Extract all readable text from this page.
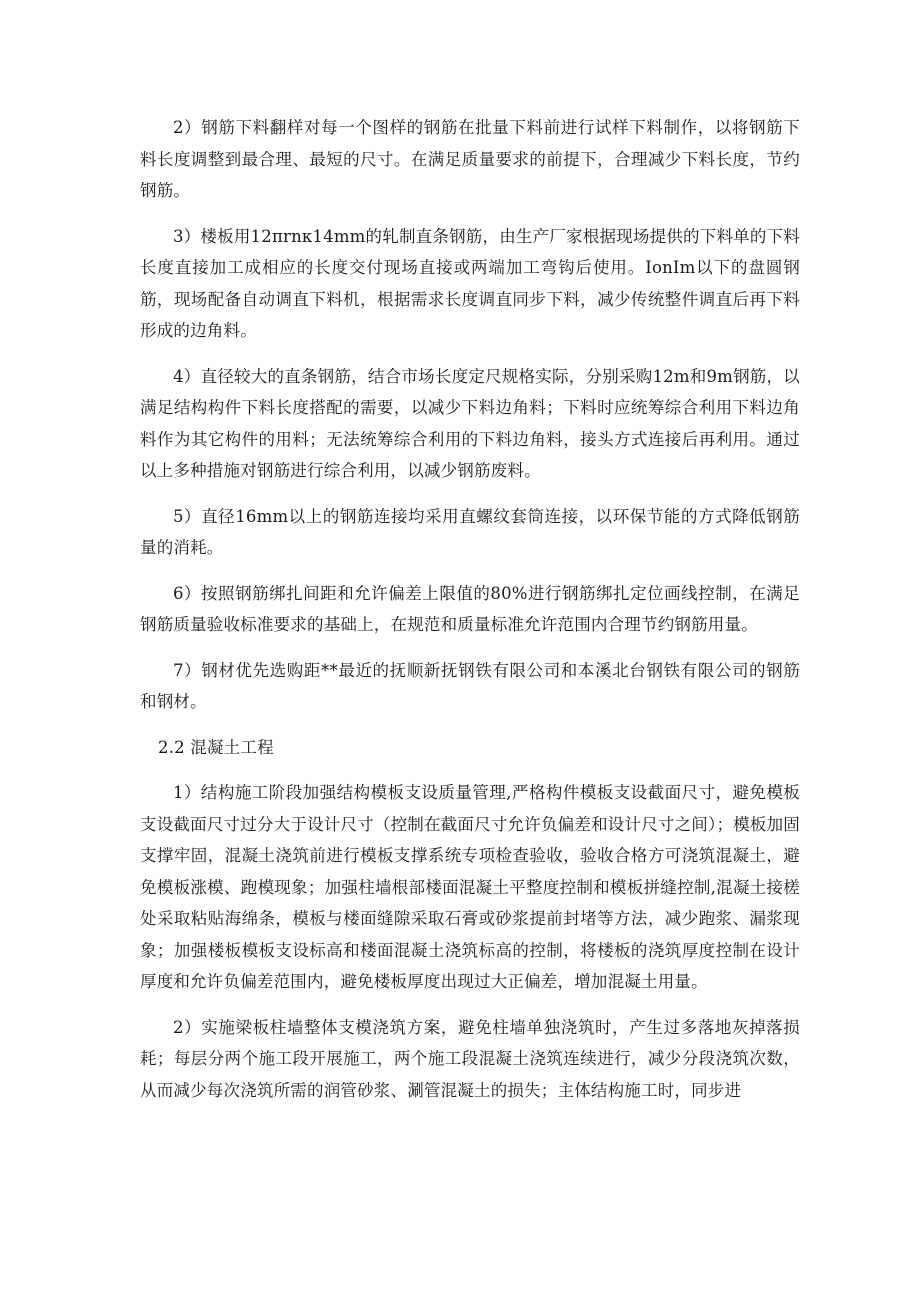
2）钢筋下料翻样对每一个图样的钢筋在批量下料前进行试样下料制作，以将钢筋下料长度调整到最合理、最短的尺寸。在满足质量要求的前提下，合理减少下料长度，节约钢筋。

3）楼板用12πrnκ14mm的轧制直条钢筋，由生产厂家根据现场提供的下料单的下料长度直接加工成相应的长度交付现场直接或两端加工弯钩后使用。IonIm以下的盘圆钢筋，现场配备自动调直下料机，根据需求长度调直同步下料，减少传统整件调直后再下料形成的边角料。

4）直径较大的直条钢筋，结合市场长度定尺规格实际，分别采购12m和9m钢筋，以满足结构构件下料长度搭配的需要，以减少下料边角料；下料时应统筹综合利用下料边角料作为其它构件的用料；无法统筹综合利用的下料边角料，接头方式连接后再利用。通过以上多种措施对钢筋进行综合利用，以减少钢筋废料。

5）直径16mm以上的钢筋连接均采用直螺纹套筒连接，以环保节能的方式降低钢筋量的消耗。

6）按照钢筋绑扎间距和允许偏差上限值的80%进行钢筋绑扎定位画线控制，在满足钢筋质量验收标准要求的基础上，在规范和质量标准允许范围内合理节约钢筋用量。

7）钢材优先选购距**最近的抚顺新抚钢铁有限公司和本溪北台钢铁有限公司的钢筋和钢材。

2.2 混凝土工程

1）结构施工阶段加强结构模板支设质量管理,严格构件模板支设截面尺寸，避免模板支设截面尺寸过分大于设计尺寸（控制在截面尺寸允许负偏差和设计尺寸之间）；模板加固支撑牢固，混凝土浇筑前进行模板支撑系统专项检查验收，验收合格方可浇筑混凝土，避免模板涨模、跑模现象；加强柱墙根部楼面混凝土平整度控制和模板拼缝控制,混凝土接槎处采取粘贴海绵条，模板与楼面缝隙采取石膏或砂浆提前封堵等方法，减少跑浆、漏浆现象；加强楼板模板支设标高和楼面混凝土浇筑标高的控制，将楼板的浇筑厚度控制在设计厚度和允许负偏差范围内，避免楼板厚度出现过大正偏差，增加混凝土用量。

2）实施梁板柱墙整体支模浇筑方案，避免柱墙单独浇筑时，产生过多落地灰掉落损耗；每层分两个施工段开展施工，两个施工段混凝土浇筑连续进行，减少分段浇筑次数，从而减少每次浇筑所需的润管砂浆、涮管混凝土的损失；主体结构施工时，同步进
